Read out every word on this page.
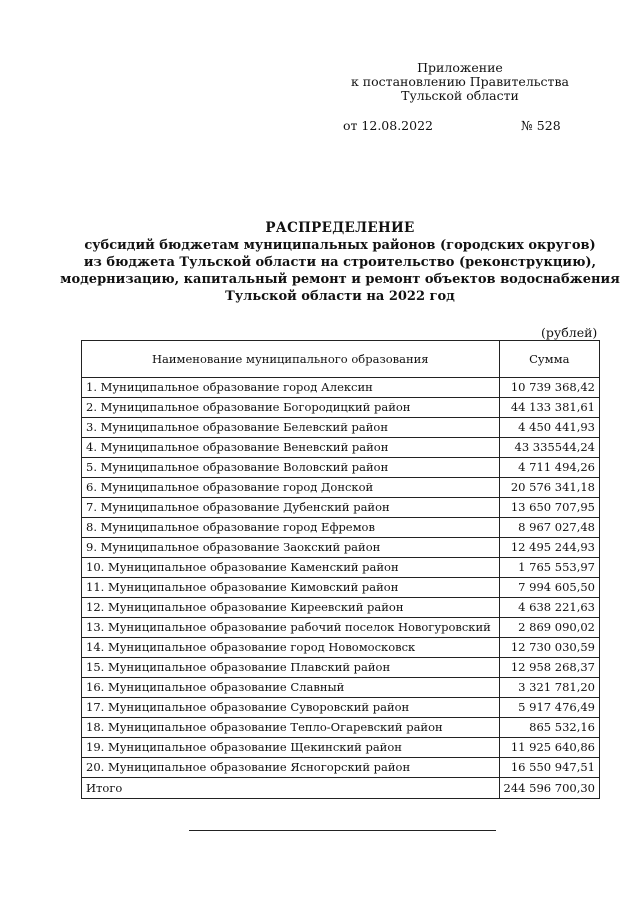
Приложение
к постановлению Правительства
Тульской области
от 12.08.2022	№ 528
РАСПРЕДЕЛЕНИЕ
субсидий бюджетам муниципальных районов (городских округов)
из бюджета Тульской области на строительство (реконструкцию),
модернизацию, капитальный ремонт и ремонт объектов водоснабжения
Тульской области на 2022 год
(рублей)
Наименование муниципального образования	Сумма
1. Муниципальное образование город Алексин	10 739 368,42
2. Муниципальное образование Богородицкий район	44 133 381,61
3. Муниципальное образование Белевский район	4 450 441,93
4. Муниципальное образование Веневский район	43 335544,24
5. Муниципальное образование Воловский район	4 711 494,26
6. Муниципальное образование город Донской	20 576 341,18
7. Муниципальное образование Дубенский район	13 650 707,95
8. Муниципальное образование город Ефремов	8 967 027,48
9. Муниципальное образование Заокский район	12 495 244,93
10. Муниципальное образование Каменский район	1 765 553,97
11. Муниципальное образование Кимовский район	7 994 605,50
12. Муниципальное образование Киреевский район	4 638 221,63
13. Муниципальное образование рабочий поселок Новогуровский	2 869 090,02
14. Муниципальное образование город Новомосковск	12 730 030,59
15. Муниципальное образование Плавский район	12 958 268,37
16. Муниципальное образование Славный	3 321 781,20
17. Муниципальное образование Суворовский район	5 917 476,49
18. Муниципальное образование Тепло-Огаревский район	865 532,16
19. Муниципальное образование Щекинский район	11 925 640,86
20. Муниципальное образование Ясногорский район	16 550 947,51
Итого	244 596 700,30
